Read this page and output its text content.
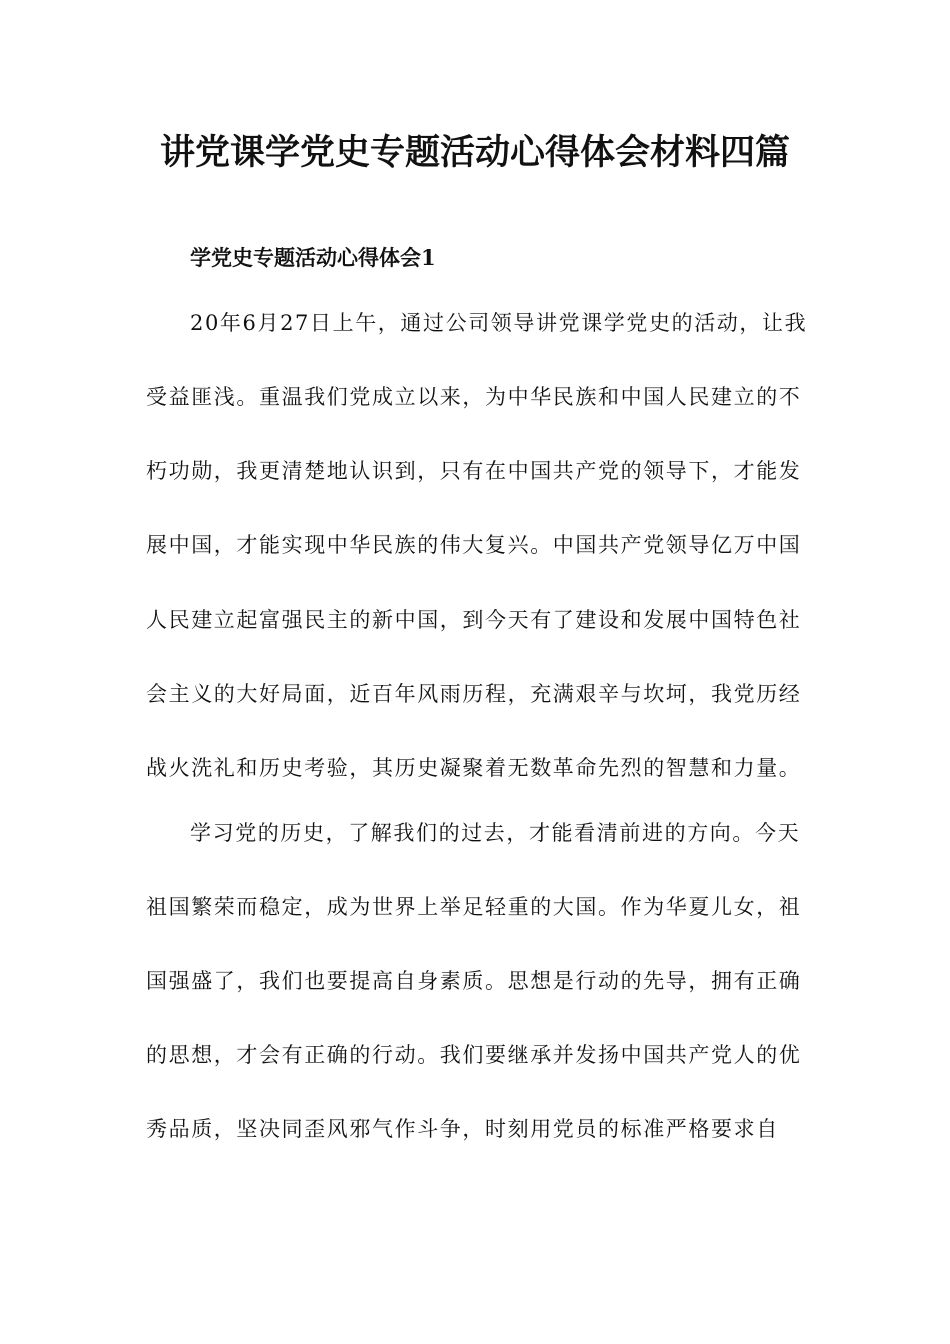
讲党课学党史专题活动心得体会材料四篇
学党史专题活动心得体会1

20年6月27日上午，通过公司领导讲党课学党史的活动，让我

受益匪浅。重温我们党成立以来，为中华民族和中国人民建立的不

朽功勋，我更清楚地认识到，只有在中国共产党的领导下，才能发

展中国，才能实现中华民族的伟大复兴。中国共产党领导亿万中国

人民建立起富强民主的新中国，到今天有了建设和发展中国特色社

会主义的大好局面，近百年风雨历程，充满艰辛与坎坷，我党历经

战火洗礼和历史考验，其历史凝聚着无数革命先烈的智慧和力量。

学习党的历史，了解我们的过去，才能看清前进的方向。今天

祖国繁荣而稳定，成为世界上举足轻重的大国。作为华夏儿女，祖

国强盛了，我们也要提高自身素质。思想是行动的先导，拥有正确

的思想，才会有正确的行动。我们要继承并发扬中国共产党人的优

秀品质，坚决同歪风邪气作斗争，时刻用党员的标准严格要求自
